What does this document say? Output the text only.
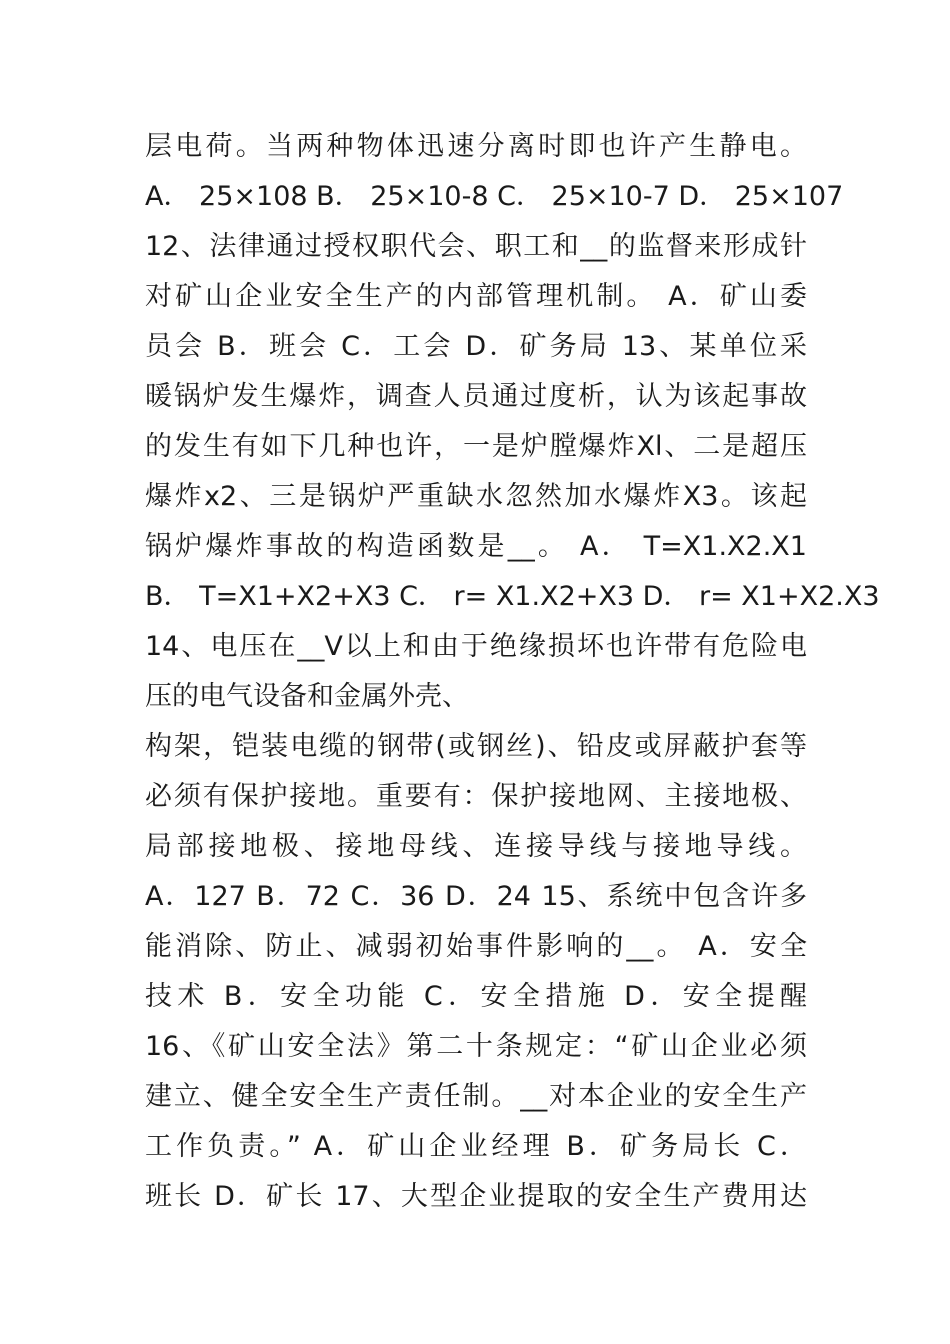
层电荷。当两种物体迅速分离时即也许产生静电。
A． 25×108 B． 25×10-8 C． 25×10-7 D． 25×107
12、法律通过授权职代会、职工和__的监督来形成针
对矿山企业安全生产的内部管理机制。 A．矿山委
员会 B．班会 C．工会 D．矿务局 13、某单位采
暖锅炉发生爆炸，调查人员通过度析，认为该起事故
的发生有如下几种也许，一是炉膛爆炸Xl、二是超压
爆炸x2、三是锅炉严重缺水忽然加水爆炸X3。该起
锅炉爆炸事故的构造函数是__。 A． T=X1.X2.X1
B． T=X1+X2+X3 C． r= X1.X2+X3 D． r= X1+X2.X3
14、电压在__V以上和由于绝缘损坏也许带有危险电
压的电气设备和金属外壳、
构架，铠装电缆的钢带(或钢丝)、铅皮或屏蔽护套等
必须有保护接地。重要有：保护接地网、主接地极、
局部接地极、接地母线、连接导线与接地导线。
A．127 B．72 C．36 D．24 15、系统中包含许多
能消除、防止、减弱初始事件影响的__。 A．安全
技术 B．安全功能 C．安全措施 D．安全提醒
16、《矿山安全法》第二十条规定：“矿山企业必须
建立、健全安全生产责任制。__对本企业的安全生产
工作负责。” A．矿山企业经理 B．矿务局长 C．
班长 D．矿长 17、大型企业提取的安全生产费用达
